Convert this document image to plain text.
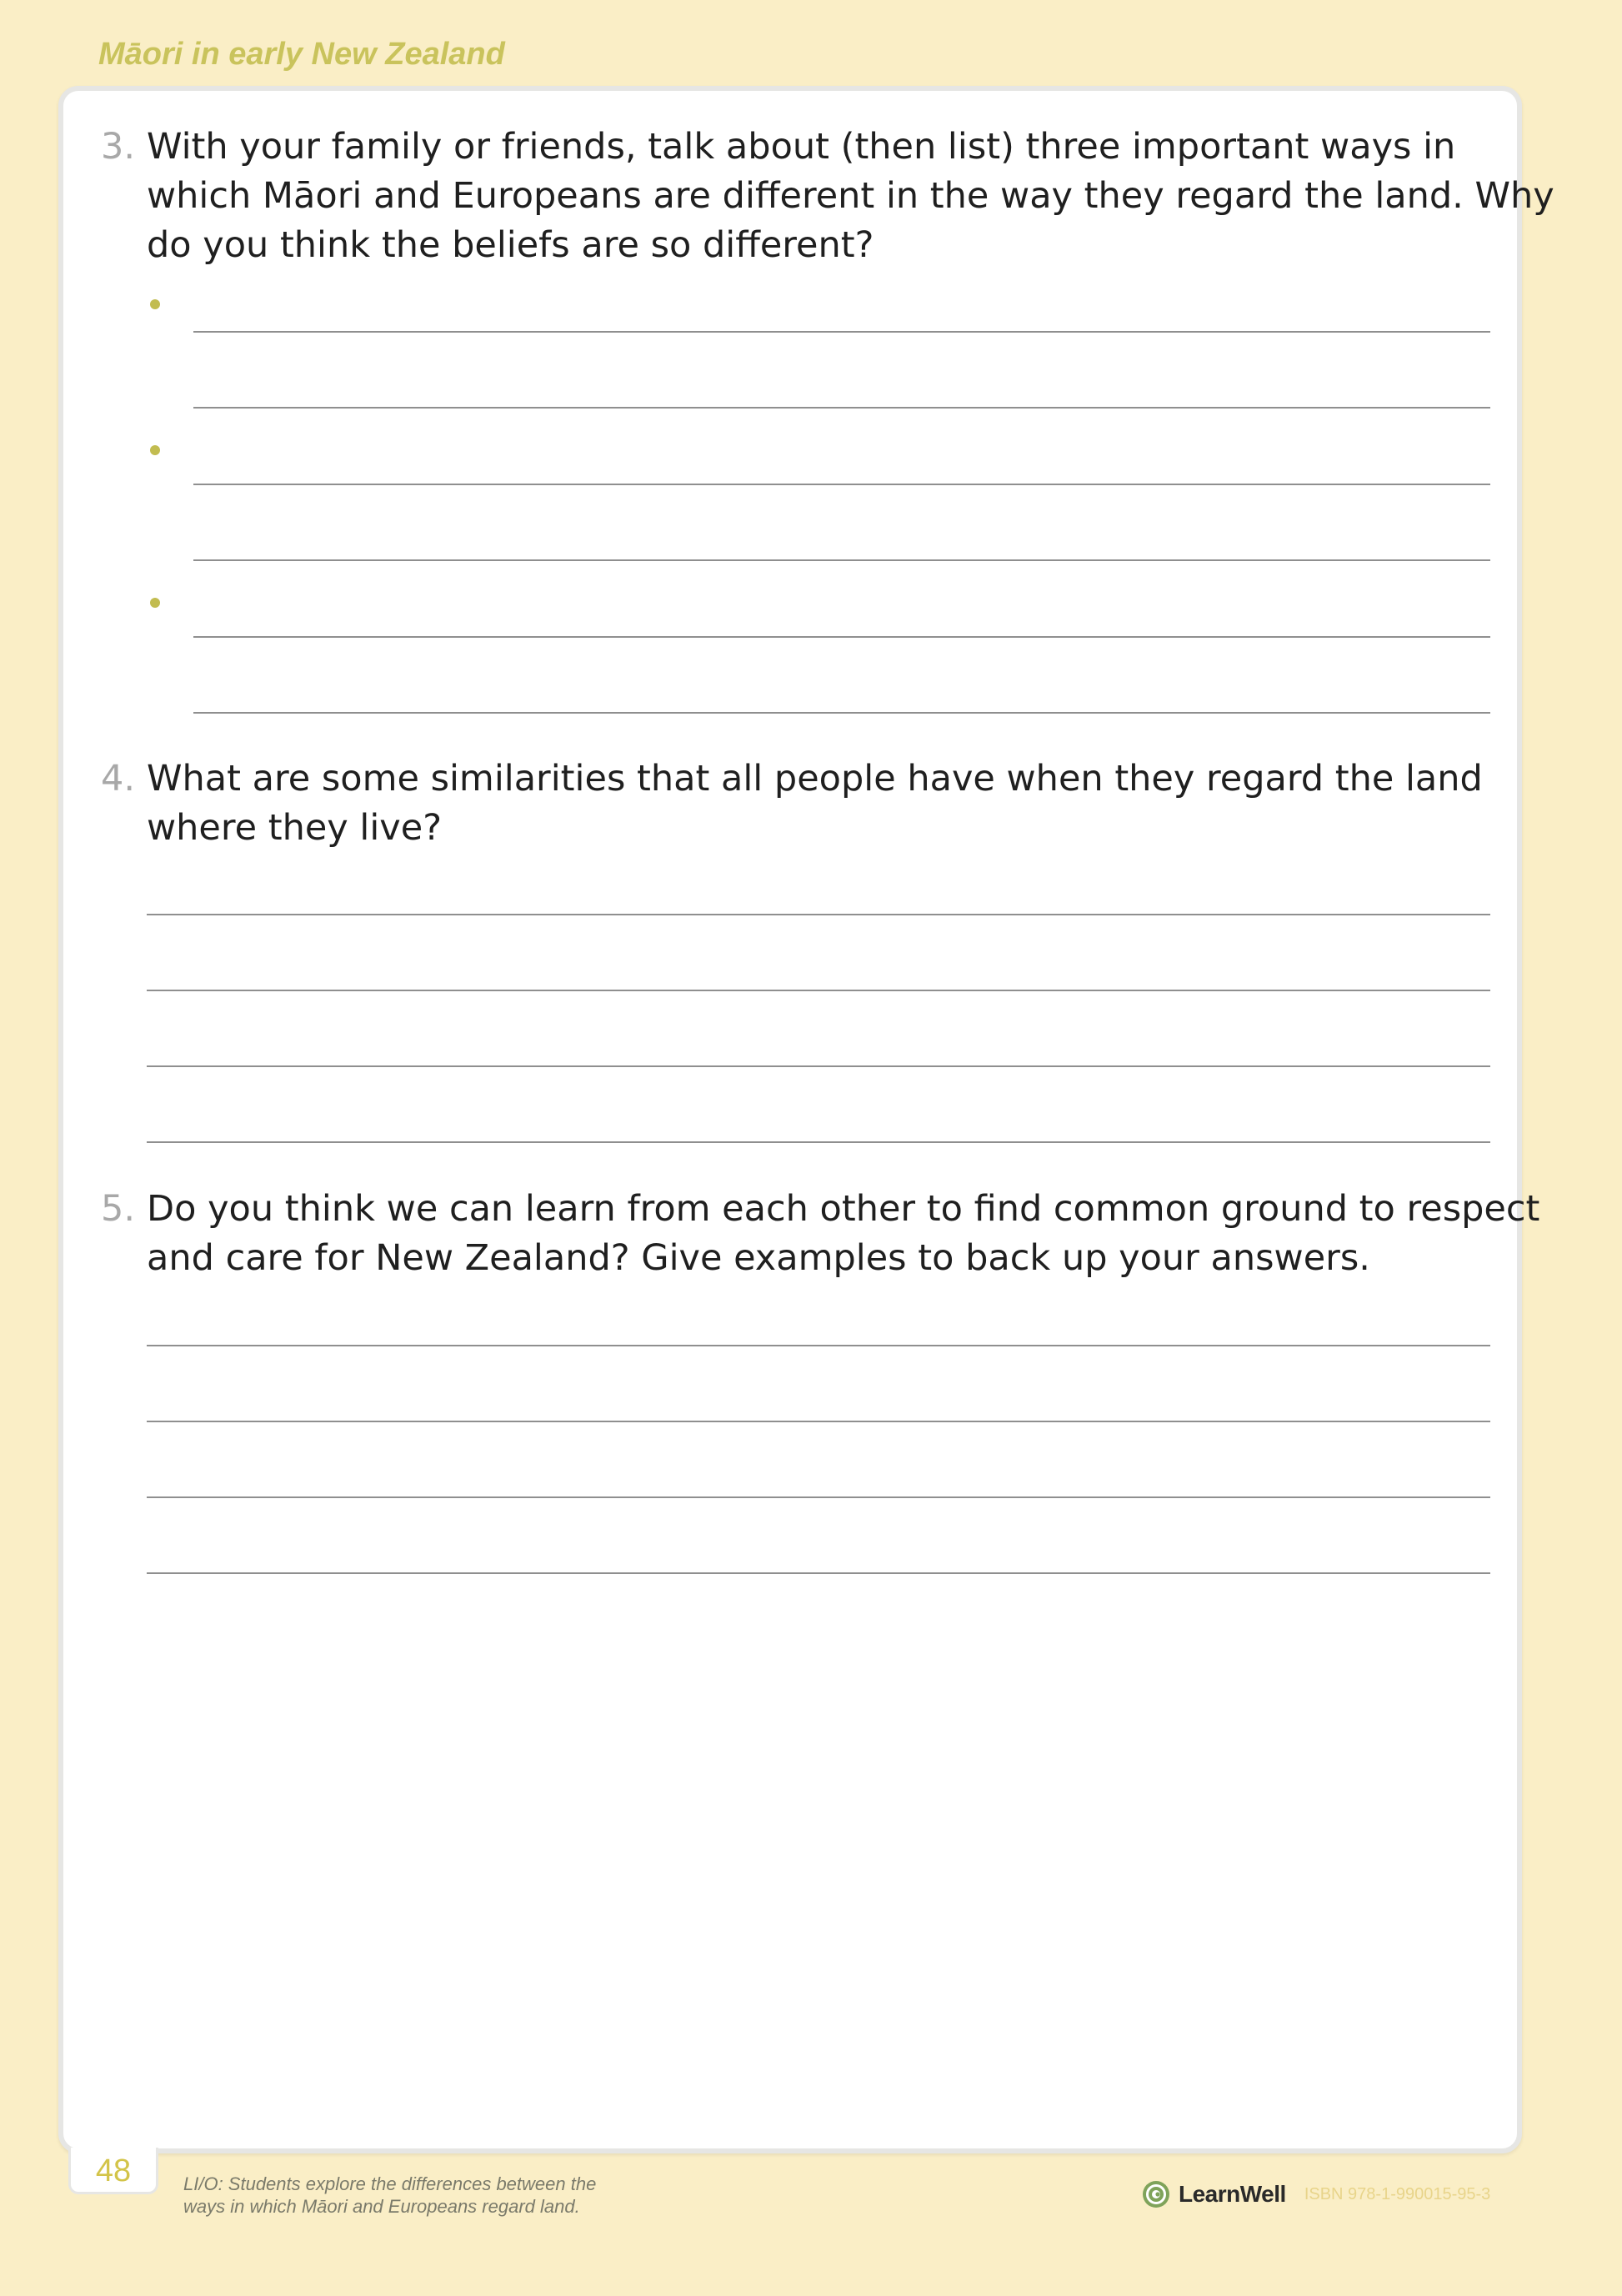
Māori in early New Zealand
3. With your family or friends, talk about (then list) three important ways in which Māori and Europeans are different in the way they regard the land. Why do you think the beliefs are so different?

4. What are some similarities that all people have when they regard the land where they live?

5. Do you think we can learn from each other to find common ground to respect and care for New Zealand? Give examples to back up your answers.

48	LI/O: Students explore the differences between the ways in which Māori and Europeans regard land.	LearnWell ISBN 978-1-990015-95-3
